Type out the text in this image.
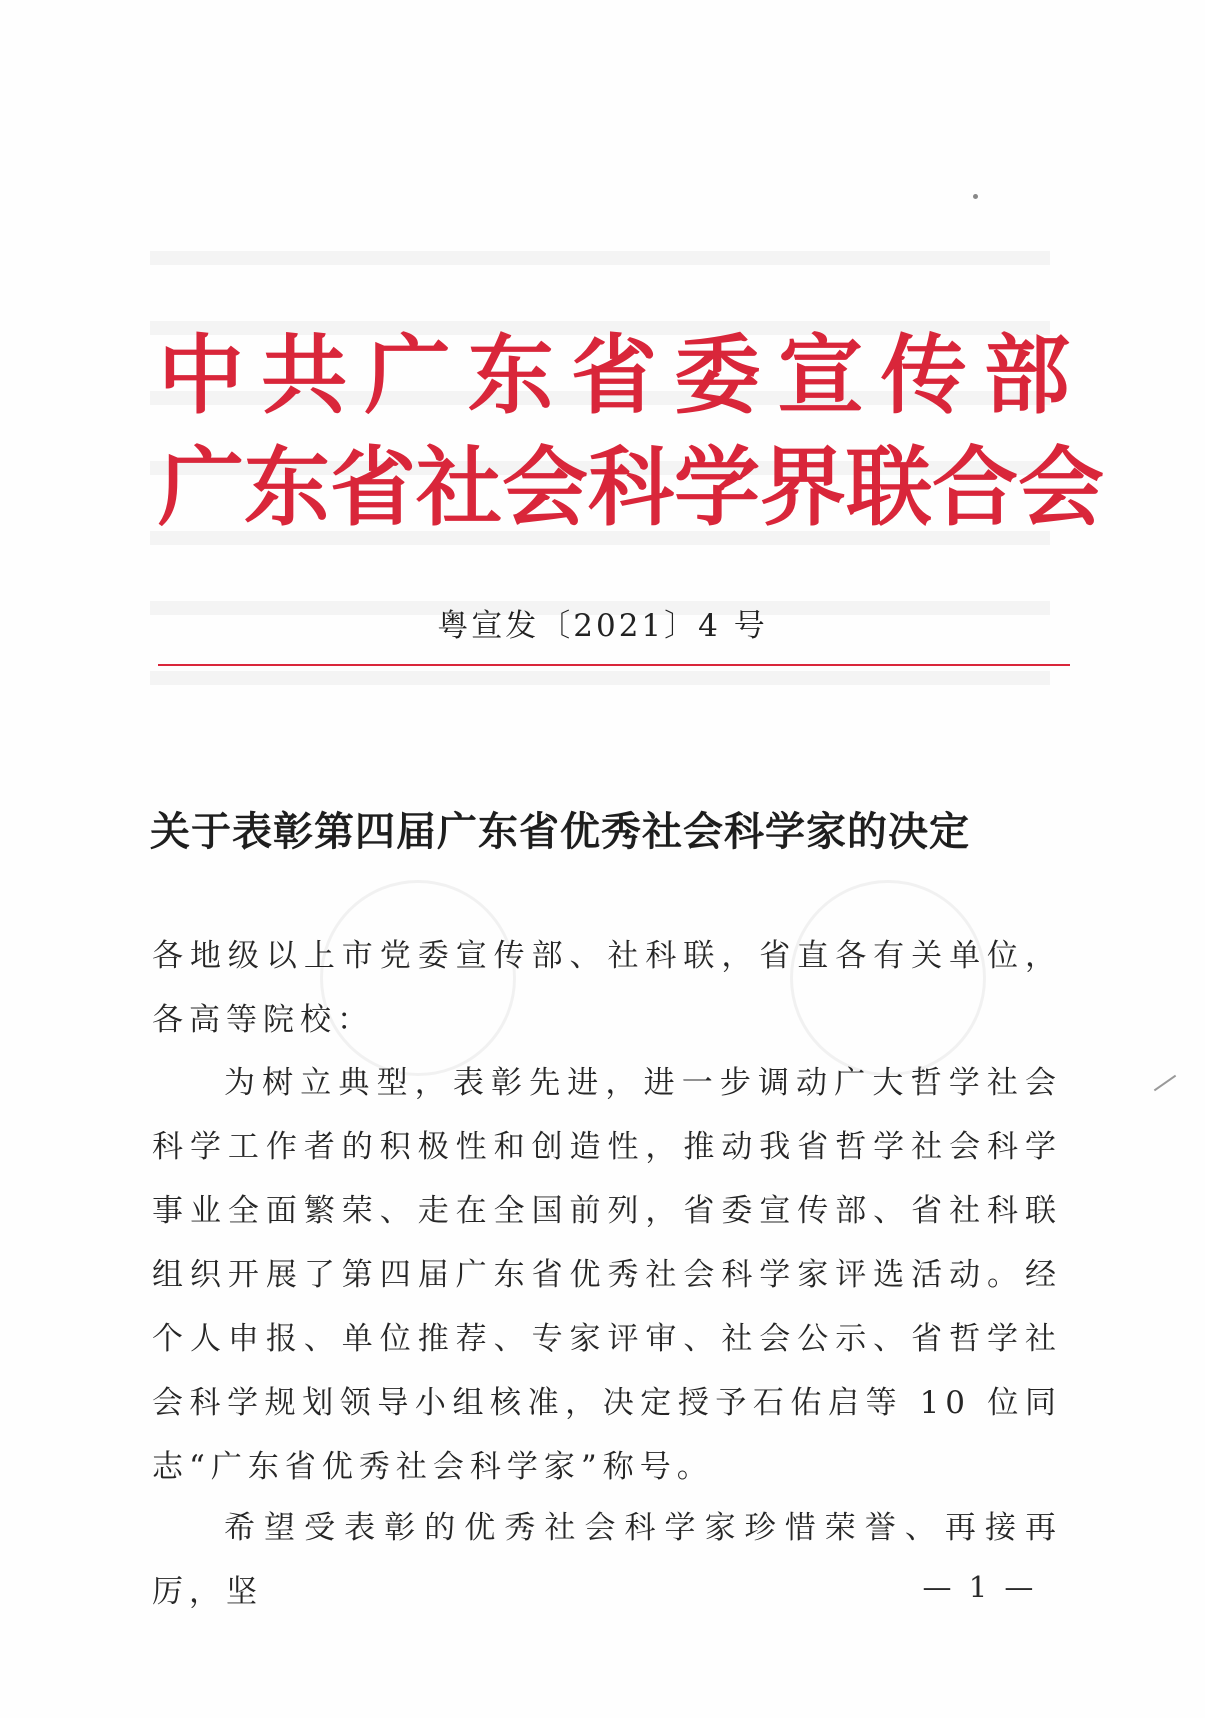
中 共 广 东 省 委 宣 传 部
广 东 省 社 会 科 学 界 联 合 会
粤宣发〔2021〕4 号
关于表彰第四届广东省优秀社会科学家的决定
各地级以上市党委宣传部、社科联，省直各有关单位，各高等院校：
为树立典型，表彰先进，进一步调动广大哲学社会科学工作者的积极性和创造性，推动我省哲学社会科学事业全面繁荣、走在全国前列，省委宣传部、省社科联组织开展了第四届广东省优秀社会科学家评选活动。经个人申报、单位推荐、专家评审、社会公示、省哲学社会科学规划领导小组核准，决定授予石佑启等 10 位同志“广东省优秀社会科学家”称号。
希望受表彰的优秀社会科学家珍惜荣誉、再接再厉，坚	— 1 —
